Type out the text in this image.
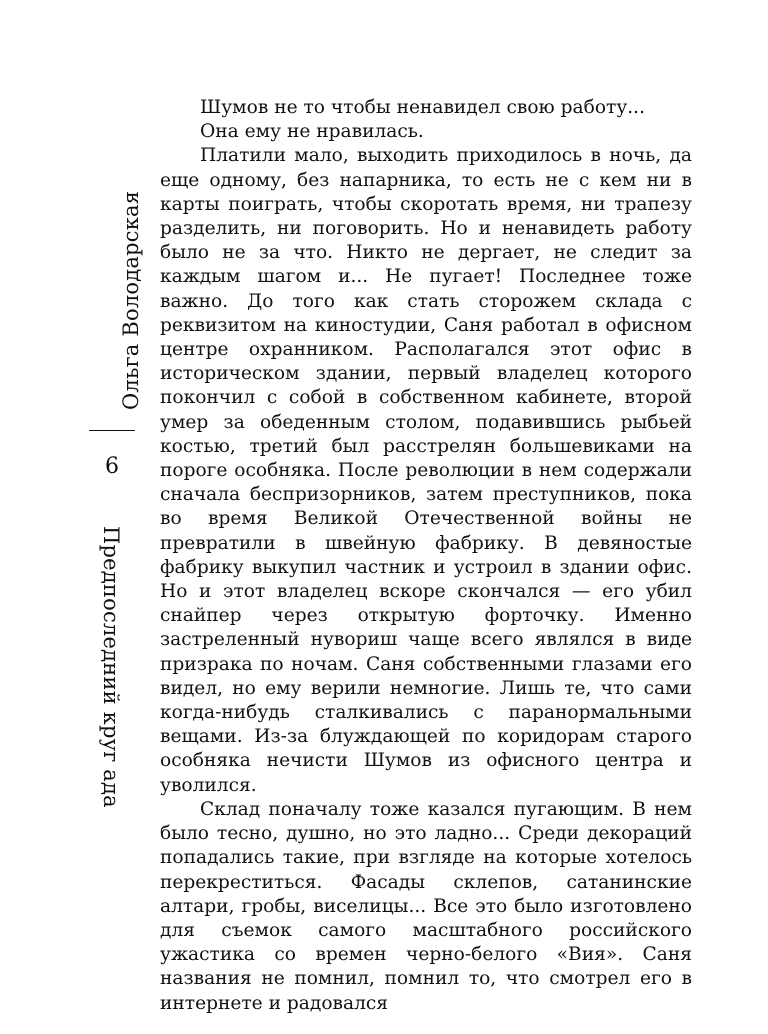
Ольга Володарская
6
Предпоследний круг ада

Шумов не то чтобы ненавидел свою работу...

Она ему не нравилась.

Платили мало, выходить приходилось в ночь, да еще одному, без напарника, то есть не с кем ни в карты поиграть, чтобы скоротать время, ни трапезу разделить, ни поговорить. Но и ненавидеть работу было не за что. Никто не дергает, не следит за каждым шагом и... Не пугает! Последнее тоже важно. До того как стать сторожем склада с реквизитом на киностудии, Саня работал в офисном центре охранником. Располагался этот офис в историческом здании, первый владелец которого покончил с собой в собственном кабинете, второй умер за обеденным столом, подавившись рыбьей костью, третий был расстрелян большевиками на пороге особняка. После революции в нем содержали сначала беспризорников, затем преступников, пока во время Великой Отечественной войны не превратили в швейную фабрику. В девяностые фабрику выкупил частник и устроил в здании офис. Но и этот владелец вскоре скончался — его убил снайпер через открытую форточку. Именно застреленный нувориш чаще всего являлся в виде призрака по ночам. Саня собственными глазами его видел, но ему верили немногие. Лишь те, что сами когда-нибудь сталкивались с паранормальными вещами. Из-за блуждающей по коридорам старого особняка нечисти Шумов из офисного центра и уволился.

Склад поначалу тоже казался пугающим. В нем было тесно, душно, но это ладно... Среди декораций попадались такие, при взгляде на которые хотелось перекреститься. Фасады склепов, сатанинские алтари, гробы, виселицы... Все это было изготовлено для съемок самого масштабного российского ужастика со времен черно-белого «Вия». Саня названия не помнил, помнил то, что смотрел его в интернете и радовался
